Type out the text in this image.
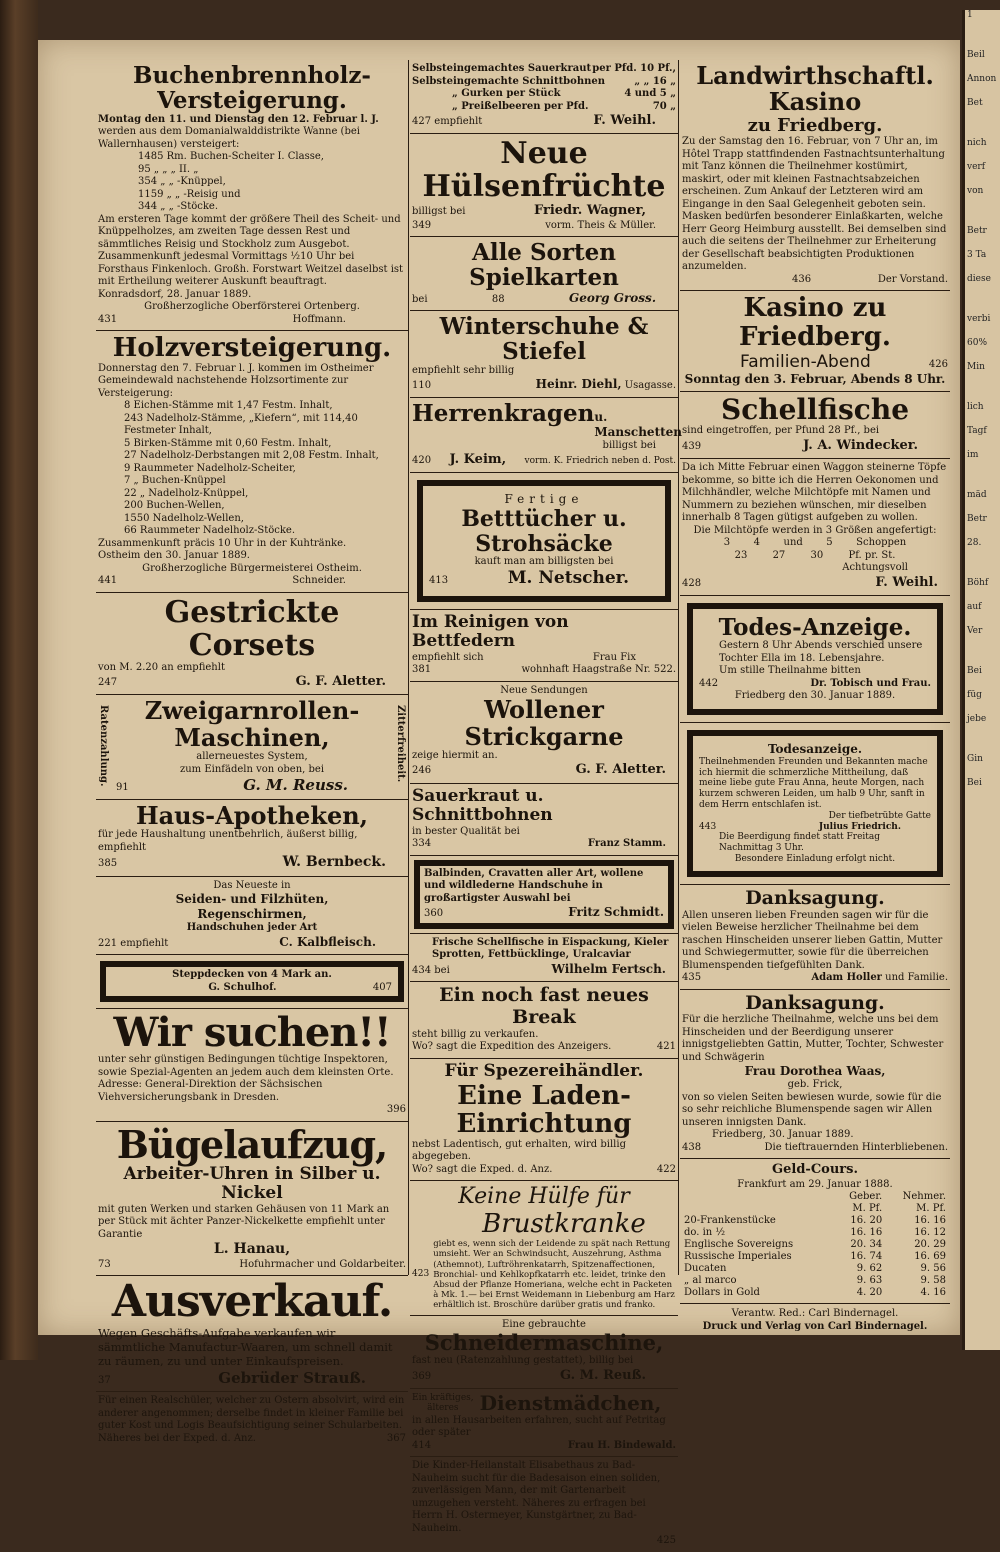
1
Beil
Annon
Bet
nich
verf
von
Betr
3 Ta
diese
verbi
60%
Min
lich
Tagf
im
mäd
Betr
28.
Böhf
auf
Ver
Bei
füg
jebe
Gin
Bei
Buchenbrennholz-Versteigerung.
Montag den 11. und Dienstag den 12. Februar l. J.
werden aus dem Domanialwalddistrikte Wanne (bei
Wallernhausen) versteigert:
1485 Rm. Buchen-Scheiter I. Classe,
95 „ „ „ II. „
354 „ „ -Knüppel,
1159 „ „ -Reisig und
344 „ „ -Stöcke.
Am ersteren Tage kommt der größere Theil des Scheit- und Knüppelholzes, am zweiten Tage dessen Rest und sämmtliches Reisig und Stockholz zum Ausgebot. Zusammenkunft jedesmal Vormittags ½10 Uhr bei Forsthaus Finkenloch. Großh. Forstwart Weitzel daselbst ist mit Ertheilung weiterer Auskunft beauftragt.
Konradsdorf, 28. Januar 1889.
Großherzogliche Oberförsterei Ortenberg.
431	Hoffmann.
Holzversteigerung.
Donnerstag den 7. Februar l. J. kommen im Ostheimer Gemeindewald nachstehende Holzsortimente zur Versteigerung:
8 Eichen-Stämme mit 1,47 Festm. Inhalt,
243 Nadelholz-Stämme, „Kiefern“, mit 114,40 Festmeter Inhalt,
5 Birken-Stämme mit 0,60 Festm. Inhalt,
27 Nadelholz-Derbstangen mit 2,08 Festm. Inhalt,
9 Raummeter Nadelholz-Scheiter,
7 „ Buchen-Knüppel
22 „ Nadelholz-Knüppel,
200 Buchen-Wellen,
1550 Nadelholz-Wellen,
66 Raummeter Nadelholz-Stöcke.
Zusammenkunft präcis 10 Uhr in der Kuhtränke.
Ostheim den 30. Januar 1889.
Großherzogliche Bürgermeisterei Ostheim.
441	Schneider.
Gestrickte Corsets
von M. 2.20 an empfiehlt
247	G. F. Aletter.
Ratenzahlung.	Zitterfreiheit.
Zweigarnrollen-
Maschinen,
allerneuestes System,
zum Einfädeln von oben, bei
91	G. M. Reuss.
Haus-Apotheken,
für jede Haushaltung unentbehrlich, äußerst billig, empfiehlt
385	W. Bernbeck.
Das Neueste in
Seiden- und Filzhüten,
Regenschirmen,
Handschuhen jeder Art
221 empfiehlt	C. Kalbfleisch.
Steppdecken von 4 Mark an.
G. Schulhof.	407
Wir suchen!!
unter sehr günstigen Bedingungen tüchtige Inspektoren, sowie Spezial-Agenten an jedem auch dem kleinsten Orte. Adresse: General-Direktion der Sächsischen Viehversicherungsbank in Dresden.
396
Bügelaufzug,
Arbeiter-Uhren in Silber u. Nickel
mit guten Werken und starken Gehäusen von 11 Mark an per Stück mit ächter Panzer-Nickelkette empfiehlt unter Garantie
L. Hanau,
73	Hofuhrmacher und Goldarbeiter.
Ausverkauf.
Wegen Geschäfts-Aufgabe verkaufen wir sämmtliche Manufactur-Waaren, um schnell damit zu räumen, zu und unter Einkaufspreisen.
37	Gebrüder Strauß.
Für einen Realschüler, welcher zu Ostern absolvirt, wird ein anderer angenommen; derselbe findet in kleiner Familie bei guter Kost und Logis Beaufsichtigung seiner Schularbeiten.
Näheres bei der Exped. d. Anz.	367
Selbsteingemachtes Sauerkraut per Pfd. 10 Pf.,
Selbsteingemachte Schnittbohnen	„ „ 16 „
„ Gurken per Stück	4 und 5 „
„ Preißelbeeren per Pfd.	70 „
427 empfiehlt	F. Weihl.
Neue Hülsenfrüchte
billigst bei	Friedr. Wagner,
349	vorm. Theis & Müller.
Alle Sorten Spielkarten
bei	88	Georg Gross.
Winterschuhe & Stiefel
empfiehlt sehr billig
110	Heinr. Diehl, Usagasse.
Herrenkragen u. Manschetten
billigst bei
420 J. Keim, vorm. K. Friedrich neben d. Post.
Fertige
Betttücher u. Strohsäcke
kauft man am billigsten bei
413	M. Netscher.
Im Reinigen von Bettfedern
empfiehlt sich	Frau Fix
381	wohnhaft Haagstraße Nr. 522.
Neue Sendungen
Wollener Strickgarne
zeige hiermit an.
246	G. F. Aletter.
Sauerkraut u. Schnittbohnen
in bester Qualität bei
334	Franz Stamm.
Balbinden, Cravatten aller Art, wollene und wildlederne Handschuhe in großartigster Auswahl bei
360	Fritz Schmidt.
Frische Schellfische in Eispackung, Kieler Sprotten, Fettbücklinge, Uralcaviar
434 bei	Wilhelm Fertsch.
Ein noch fast neues Break
steht billig zu verkaufen.
Wo? sagt die Expedition des Anzeigers.	421
Für Spezereihändler.
Eine Laden-Einrichtung
nebst Ladentisch, gut erhalten, wird billig abgegeben.
Wo? sagt die Exped. d. Anz.	422
Keine Hülfe für
Brustkranke
423
giebt es, wenn sich der Leidende zu spät nach Rettung umsieht. Wer an Schwindsucht, Auszehrung, Asthma (Athemnot), Luftröhrenkatarrh, Spitzenaffectionen, Bronchial- und Kehlkopfkatarrh etc. leidet, trinke den Absud der Pflanze Homeriana, welche echt in Packeten à Mk. 1.— bei Ernst Weidemann in Liebenburg am Harz erhältlich ist. Broschüre darüber gratis und franko.
Eine gebrauchte
Schneidermaschine,
fast neu (Ratenzahlung gestattet), billig bei
369	G. M. Reuß.
Ein kräftiges,
älteres	Dienstmädchen,
in allen Hausarbeiten erfahren, sucht auf Petritag oder später
414	Frau H. Bindewald.
Die Kinder-Heilanstalt Elisabethaus zu Bad-Nauheim sucht für die Badesaison einen soliden, zuverlässigen Mann, der mit Gartenarbeit umzugehen versteht. Näheres zu erfragen bei Herrn H. Ostermeyer, Kunstgärtner, zu Bad-Nauheim.
425
Landwirthschaftl. Kasino
zu Friedberg.
Zu der Samstag den 16. Februar, von 7 Uhr an, im Hôtel Trapp stattfindenden Fastnachtsunterhaltung mit Tanz können die Theilnehmer kostümirt, maskirt, oder mit kleinen Fastnachtsabzeichen erscheinen. Zum Ankauf der Letzteren wird am Eingange in den Saal Gelegenheit geboten sein. Masken bedürfen besonderer Einlaßkarten, welche Herr Georg Heimburg ausstellt. Bei demselben sind auch die seitens der Theilnehmer zur Erheiterung der Gesellschaft beabsichtigten Produktionen anzumelden.
436	Der Vorstand.
Kasino zu Friedberg.
Familien-Abend	426
Sonntag den 3. Februar, Abends 8 Uhr.
Schellfische
sind eingetroffen, per Pfund 28 Pf., bei
439	J. A. Windecker.
Da ich Mitte Februar einen Waggon steinerne Töpfe bekomme, so bitte ich die Herren Oekonomen und Milchhändler, welche Milchtöpfe mit Namen und Nummern zu beziehen wünschen, mir dieselben innerhalb 8 Tagen gütigst aufgeben zu wollen.
Die Milchtöpfe werden in 3 Größen angefertigt:
3 4 und 5 Schoppen
23	27	30	Pf. pr. St.
Achtungsvoll
428	F. Weihl.
Todes-Anzeige.
Gestern 8 Uhr Abends verschied unsere Tochter Ella im 18. Lebensjahre.
Um stille Theilnahme bitten
442	Dr. Tobisch und Frau.
Friedberg den 30. Januar 1889.
Todesanzeige.
Theilnehmenden Freunden und Bekannten mache ich hiermit die schmerzliche Mittheilung, daß meine liebe gute Frau Anna, heute Morgen, nach kurzem schweren Leiden, um halb 9 Uhr, sanft in dem Herrn entschlafen ist.
Der tiefbetrübte Gatte
443	Julius Friedrich.
Die Beerdigung findet statt Freitag Nachmittag 3 Uhr.
Besondere Einladung erfolgt nicht.
Danksagung.
Allen unseren lieben Freunden sagen wir für die vielen Beweise herzlicher Theilnahme bei dem raschen Hinscheiden unserer lieben Gattin, Mutter und Schwiegermutter, sowie für die überreichen Blumenspenden tiefgefühlten Dank.
435	Adam Holler und Familie.
Danksagung.
Für die herzliche Theilnahme, welche uns bei dem Hinscheiden und der Beerdigung unserer innigstgeliebten Gattin, Mutter, Tochter, Schwester und Schwägerin
Frau Dorothea Waas,
geb. Frick,
von so vielen Seiten bewiesen wurde, sowie für die so sehr reichliche Blumenspende sagen wir Allen unseren innigsten Dank.
Friedberg, 30. Januar 1889.
438	Die tieftrauernden Hinterbliebenen.
Geld-Cours.
Frankfurt am 29. Januar 1888.
	Geber.	Nehmer.
	M. Pf.	M. Pf.
20-Frankenstücke	16. 20	16. 16
do. in ½	16. 16	16. 12
Englische Sovereigns	20. 34	20. 29
Russische Imperiales	16. 74	16. 69
Ducaten	9. 62	9. 56
„ al marco	9. 63	9. 58
Dollars in Gold	4. 20	4. 16
Verantw. Red.: Carl Bindernagel.
Druck und Verlag von Carl Bindernagel.
